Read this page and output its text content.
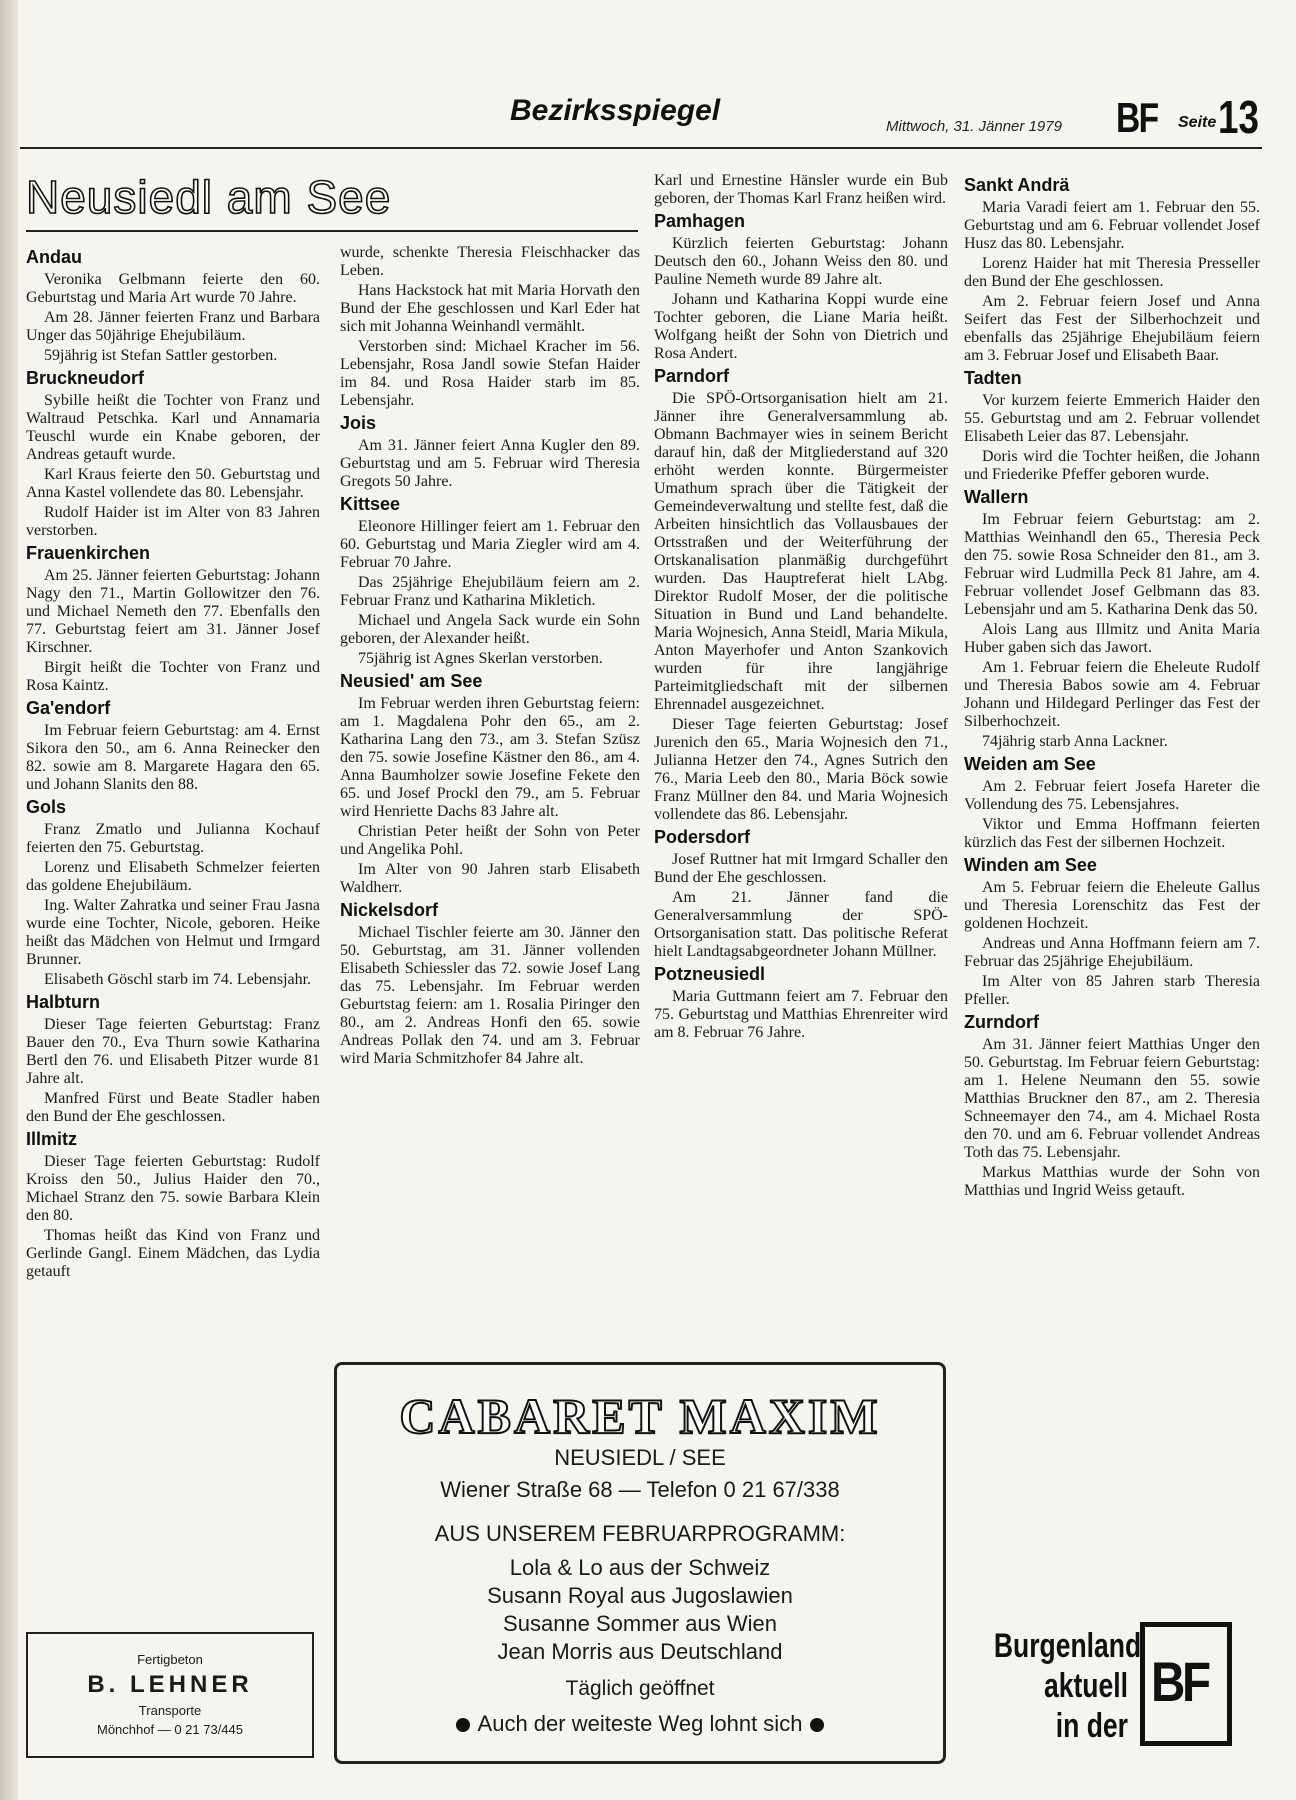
Bezirksspiegel	Mittwoch, 31. Jänner 1979 BF Seite 13
Neusiedl am See
Andau

Veronika Gelbmann feierte den 60. Geburtstag und Maria Art wurde 70 Jahre.

Am 28. Jänner feierten Franz und Barbara Unger das 50jährige Ehejubiläum.

59jährig ist Stefan Sattler gestorben.

Bruckneudorf

Sybille heißt die Tochter von Franz und Waltraud Petschka. Karl und Annamaria Teuschl wurde ein Knabe geboren, der Andreas getauft wurde.

Karl Kraus feierte den 50. Geburtstag und Anna Kastel vollendete das 80. Lebensjahr.

Rudolf Haider ist im Alter von 83 Jahren verstorben.

Frauenkirchen

Am 25. Jänner feierten Geburtstag: Johann Nagy den 71., Martin Gollowitzer den 76. und Michael Nemeth den 77. Ebenfalls den 77. Geburtstag feiert am 31. Jänner Josef Kirschner.

Birgit heißt die Tochter von Franz und Rosa Kaintz.

Ga'endorf

Im Februar feiern Geburtstag: am 4. Ernst Sikora den 50., am 6. Anna Reinecker den 82. sowie am 8. Margarete Hagara den 65. und Johann Slanits den 88.

Gols

Franz Zmatlo und Julianna Kochauf feierten den 75. Geburtstag.

Lorenz und Elisabeth Schmelzer feierten das goldene Ehejubiläum.

Ing. Walter Zahratka und seiner Frau Jasna wurde eine Tochter, Nicole, geboren. Heike heißt das Mädchen von Helmut und Irmgard Brunner.

Elisabeth Göschl starb im 74. Lebensjahr.

Halbturn

Dieser Tage feierten Geburtstag: Franz Bauer den 70., Eva Thurn sowie Katharina Bertl den 76. und Elisabeth Pitzer wurde 81 Jahre alt.

Manfred Fürst und Beate Stadler haben den Bund der Ehe geschlossen.

Illmitz

Dieser Tage feierten Geburtstag: Rudolf Kroiss den 50., Julius Haider den 70., Michael Stranz den 75. sowie Barbara Klein den 80.

Thomas heißt das Kind von Franz und Gerlinde Gangl. Einem Mädchen, das Lydia getauft

wurde, schenkte Theresia Fleischhacker das Leben.

Hans Hackstock hat mit Maria Horvath den Bund der Ehe geschlossen und Karl Eder hat sich mit Johanna Weinhandl vermählt.

Verstorben sind: Michael Kracher im 56. Lebensjahr, Rosa Jandl sowie Stefan Haider im 84. und Rosa Haider starb im 85. Lebensjahr.

Jois

Am 31. Jänner feiert Anna Kugler den 89. Geburtstag und am 5. Februar wird Theresia Gregots 50 Jahre.

Kittsee

Eleonore Hillinger feiert am 1. Februar den 60. Geburtstag und Maria Ziegler wird am 4. Februar 70 Jahre.

Das 25jährige Ehejubiläum feiern am 2. Februar Franz und Katharina Mikletich.

Michael und Angela Sack wurde ein Sohn geboren, der Alexander heißt.

75jährig ist Agnes Skerlan verstorben.

Neusied' am See

Im Februar werden ihren Geburtstag feiern: am 1. Magdalena Pohr den 65., am 2. Katharina Lang den 73., am 3. Stefan Szüsz den 75. sowie Josefine Kästner den 86., am 4. Anna Baumholzer sowie Josefine Fekete den 65. und Josef Prockl den 79., am 5. Februar wird Henriette Dachs 83 Jahre alt.

Christian Peter heißt der Sohn von Peter und Angelika Pohl.

Im Alter von 90 Jahren starb Elisabeth Waldherr.

Nickelsdorf

Michael Tischler feierte am 30. Jänner den 50. Geburtstag, am 31. Jänner vollenden Elisabeth Schiessler das 72. sowie Josef Lang das 75. Lebensjahr. Im Februar werden Geburtstag feiern: am 1. Rosalia Piringer den 80., am 2. Andreas Honfi den 65. sowie Andreas Pollak den 74. und am 3. Februar wird Maria Schmitzhofer 84 Jahre alt.

Karl und Ernestine Hänsler wurde ein Bub geboren, der Thomas Karl Franz heißen wird.

Pamhagen

Kürzlich feierten Geburtstag: Johann Deutsch den 60., Johann Weiss den 80. und Pauline Nemeth wurde 89 Jahre alt.

Johann und Katharina Koppi wurde eine Tochter geboren, die Liane Maria heißt. Wolfgang heißt der Sohn von Dietrich und Rosa Andert.

Parndorf

Die SPÖ-Ortsorganisation hielt am 21. Jänner ihre Generalversammlung ab. Obmann Bachmayer wies in seinem Bericht darauf hin, daß der Mitgliederstand auf 320 erhöht werden konnte. Bürgermeister Umathum sprach über die Tätigkeit der Gemeindeverwaltung und stellte fest, daß die Arbeiten hinsichtlich das Vollausbaues der Ortsstraßen und der Weiterführung der Ortskanalisation planmäßig durchgeführt wurden. Das Hauptreferat hielt LAbg. Direktor Rudolf Moser, der die politische Situation in Bund und Land behandelte. Maria Wojnesich, Anna Steidl, Maria Mikula, Anton Mayerhofer und Anton Szankovich wurden für ihre langjährige Parteimitgliedschaft mit der silbernen Ehrennadel ausgezeichnet.

Dieser Tage feierten Geburtstag: Josef Jurenich den 65., Maria Wojnesich den 71., Julianna Hetzer den 74., Agnes Sutrich den 76., Maria Leeb den 80., Maria Böck sowie Franz Müllner den 84. und Maria Wojnesich vollendete das 86. Lebensjahr.

Podersdorf

Josef Ruttner hat mit Irmgard Schaller den Bund der Ehe geschlossen.

Am 21. Jänner fand die Generalversammlung der SPÖ-Ortsorganisation statt. Das politische Referat hielt Landtagsabgeordneter Johann Müllner.

Potzneusiedl

Maria Guttmann feiert am 7. Februar den 75. Geburtstag und Matthias Ehrenreiter wird am 8. Februar 76 Jahre.

Sankt Andrä

Maria Varadi feiert am 1. Februar den 55. Geburtstag und am 6. Februar vollendet Josef Husz das 80. Lebensjahr.

Lorenz Haider hat mit Theresia Presseller den Bund der Ehe geschlossen.

Am 2. Februar feiern Josef und Anna Seifert das Fest der Silberhochzeit und ebenfalls das 25jährige Ehejubiläum feiern am 3. Februar Josef und Elisabeth Baar.

Tadten

Vor kurzem feierte Emmerich Haider den 55. Geburtstag und am 2. Februar vollendet Elisabeth Leier das 87. Lebensjahr.

Doris wird die Tochter heißen, die Johann und Friederike Pfeffer geboren wurde.

Wallern

Im Februar feiern Geburtstag: am 2. Matthias Weinhandl den 65., Theresia Peck den 75. sowie Rosa Schneider den 81., am 3. Februar wird Ludmilla Peck 81 Jahre, am 4. Februar vollendet Josef Gelbmann das 83. Lebensjahr und am 5. Katharina Denk das 50.

Alois Lang aus Illmitz und Anita Maria Huber gaben sich das Jawort.

Am 1. Februar feiern die Eheleute Rudolf und Theresia Babos sowie am 4. Februar Johann und Hildegard Perlinger das Fest der Silberhochzeit.

74jährig starb Anna Lackner.

Weiden am See

Am 2. Februar feiert Josefa Hareter die Vollendung des 75. Lebensjahres.

Viktor und Emma Hoffmann feierten kürzlich das Fest der silbernen Hochzeit.

Winden am See

Am 5. Februar feiern die Eheleute Gallus und Theresia Lorenschitz das Fest der goldenen Hochzeit.

Andreas und Anna Hoffmann feiern am 7. Februar das 25jährige Ehejubiläum.

Im Alter von 85 Jahren starb Theresia Pfeller.

Zurndorf

Am 31. Jänner feiert Matthias Unger den 50. Geburtstag. Im Februar feiern Geburtstag: am 1. Helene Neumann den 55. sowie Matthias Bruckner den 87., am 2. Theresia Schneemayer den 74., am 4. Michael Rosta den 70. und am 6. Februar vollendet Andreas Toth das 75. Lebensjahr.

Markus Matthias wurde der Sohn von Matthias und Ingrid Weiss getauft.

Fertigbeton
B. LEHNER
Transporte
Mönchhof — 0 21 73/445
CABARET MAXIM
NEUSIEDL / SEE
Wiener Straße 68 — Telefon 0 21 67/338
AUS UNSEREM FEBRUARPROGRAMM:
Lola & Lo aus der Schweiz
Susann Royal aus Jugoslawien
Susanne Sommer aus Wien
Jean Morris aus Deutschland
Täglich geöffnet
Auch der weiteste Weg lohnt sich
Burgenland
aktuell
in der
BF
